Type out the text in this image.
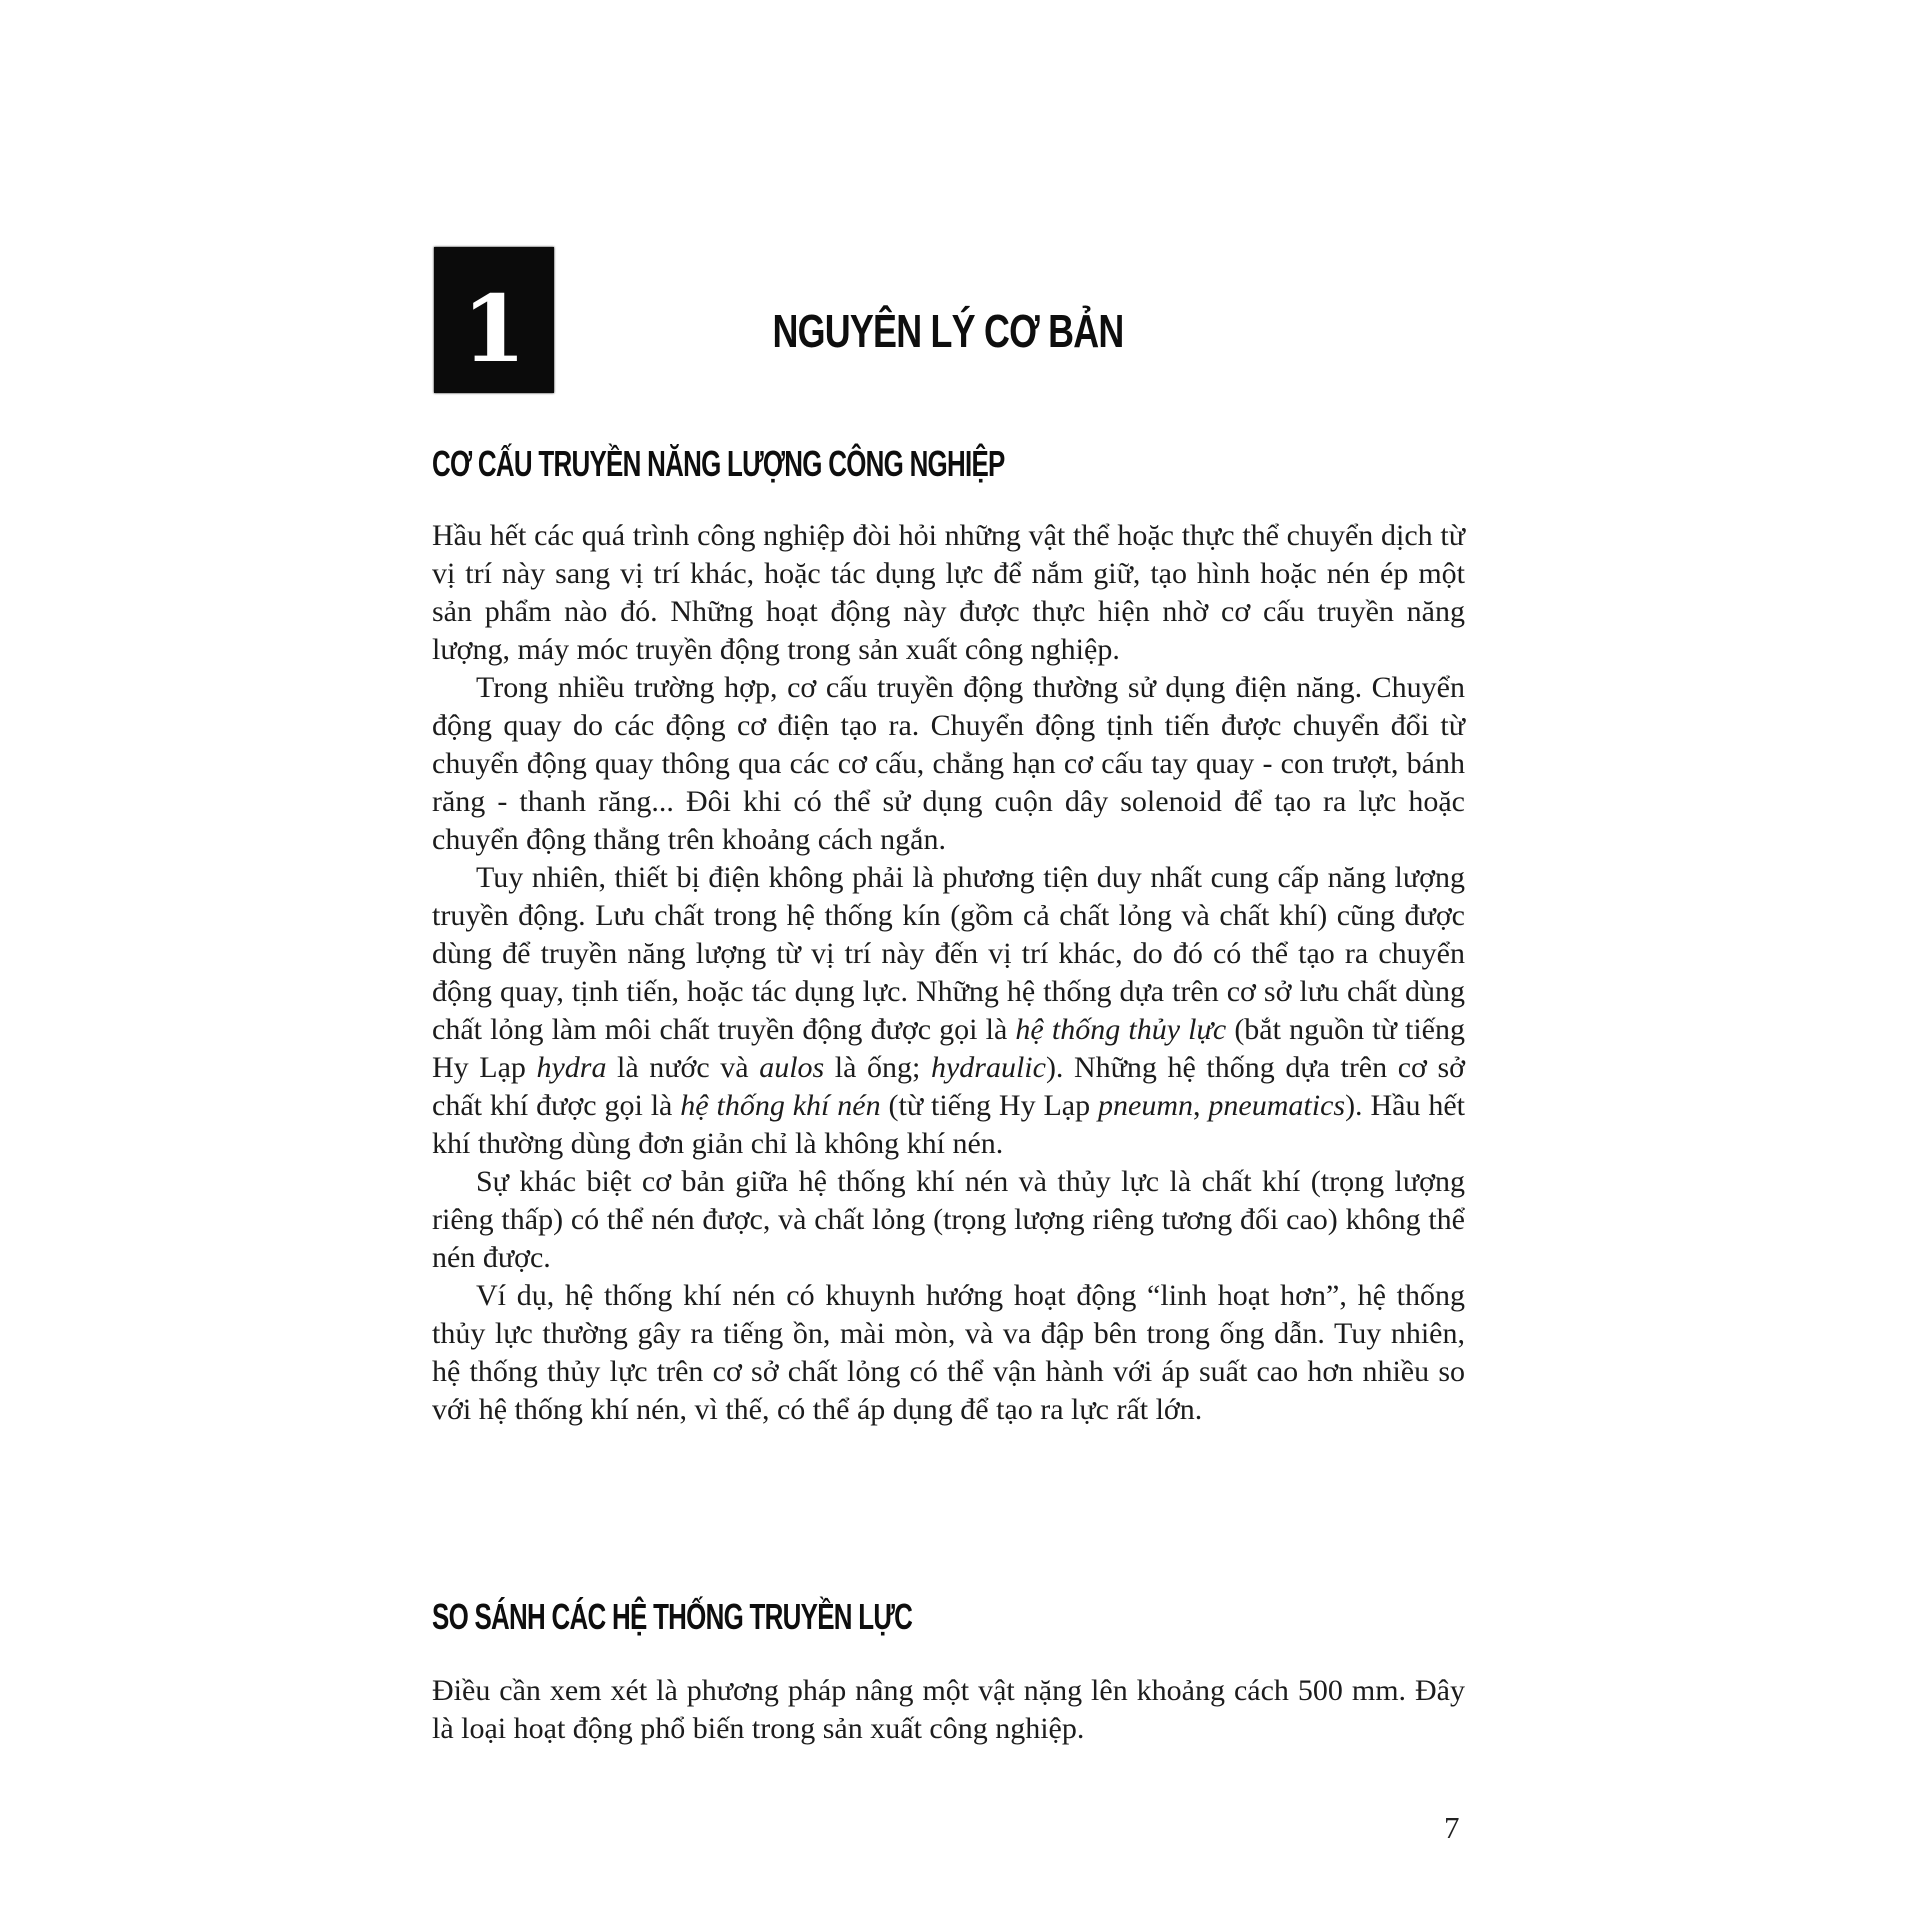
1	NGUYÊN LÝ CƠ BẢN
CƠ CẤU TRUYỀN NĂNG LƯỢNG CÔNG NGHIỆP

Hầu hết các quá trình công nghiệp đòi hỏi những vật thể hoặc thực thể chuyển dịch từ vị trí này sang vị trí khác, hoặc tác dụng lực để nắm giữ, tạo hình hoặc nén ép một sản phẩm nào đó. Những hoạt động này được thực hiện nhờ cơ cấu truyền năng lượng, máy móc truyền động trong sản xuất công nghiệp.

Trong nhiều trường hợp, cơ cấu truyền động thường sử dụng điện năng. Chuyển động quay do các động cơ điện tạo ra. Chuyển động tịnh tiến được chuyển đổi từ chuyển động quay thông qua các cơ cấu, chẳng hạn cơ cấu tay quay - con trượt, bánh răng - thanh răng... Đôi khi có thể sử dụng cuộn dây solenoid để tạo ra lực hoặc chuyển động thẳng trên khoảng cách ngắn.

Tuy nhiên, thiết bị điện không phải là phương tiện duy nhất cung cấp năng lượng truyền động. Lưu chất trong hệ thống kín (gồm cả chất lỏng và chất khí) cũng được dùng để truyền năng lượng từ vị trí này đến vị trí khác, do đó có thể tạo ra chuyển động quay, tịnh tiến, hoặc tác dụng lực. Những hệ thống dựa trên cơ sở lưu chất dùng chất lỏng làm môi chất truyền động được gọi là hệ thống thủy lực (bắt nguồn từ tiếng Hy Lạp hydra là nước và aulos là ống; hydraulic). Những hệ thống dựa trên cơ sở chất khí được gọi là hệ thống khí nén (từ tiếng Hy Lạp pneumn, pneumatics). Hầu hết khí thường dùng đơn giản chỉ là không khí nén.

Sự khác biệt cơ bản giữa hệ thống khí nén và thủy lực là chất khí (trọng lượng riêng thấp) có thể nén được, và chất lỏng (trọng lượng riêng tương đối cao) không thể nén được.

Ví dụ, hệ thống khí nén có khuynh hướng hoạt động “linh hoạt hơn”, hệ thống thủy lực thường gây ra tiếng ồn, mài mòn, và va đập bên trong ống dẫn. Tuy nhiên, hệ thống thủy lực trên cơ sở chất lỏng có thể vận hành với áp suất cao hơn nhiều so với hệ thống khí nén, vì thế, có thể áp dụng để tạo ra lực rất lớn.

SO SÁNH CÁC HỆ THỐNG TRUYỀN LỰC

Điều cần xem xét là phương pháp nâng một vật nặng lên khoảng cách 500 mm. Đây là loại hoạt động phổ biến trong sản xuất công nghiệp.

7
